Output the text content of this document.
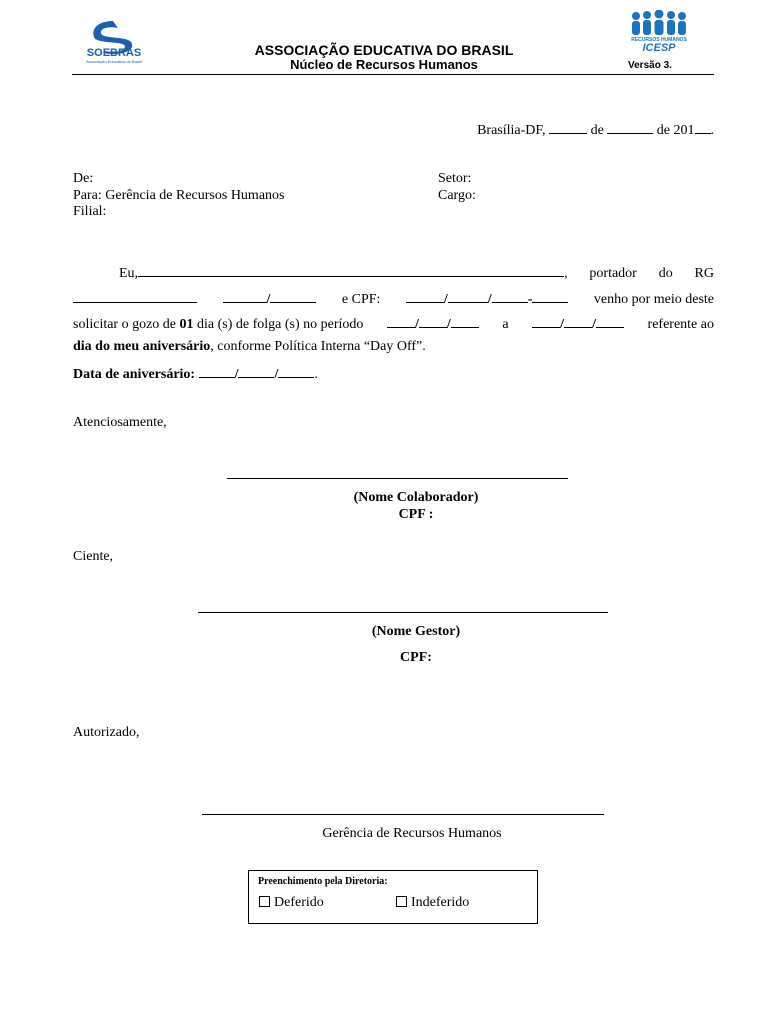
SOEBRAS
Associação Educativa do Brasil
RECURSOS HUMANOS
ICESP
ASSOCIAÇÃO EDUCATIVA DO BRASIL
Núcleo de Recursos Humanos	Versão 3.
Brasília-DF,	de	de 201 .
De:
Para: Gerência de Recursos Humanos
Filial:
Setor:
Cargo:
Eu,	, portador do RG
/	e CPF:	/	/	-	venho por meio deste
solicitar o gozo de 01 dia (s) de folga (s) no período	/ /	a	/ /	referente ao
dia do meu aniversário, conforme Política Interna “Day Off”.
Data de aniversário:	/	/	.
Atenciosamente,
(Nome Colaborador)
CPF :
Ciente,
(Nome Gestor)
CPF:
Autorizado,
Gerência de Recursos Humanos
Preenchimento pela Diretoria:
Deferido	Indeferido
